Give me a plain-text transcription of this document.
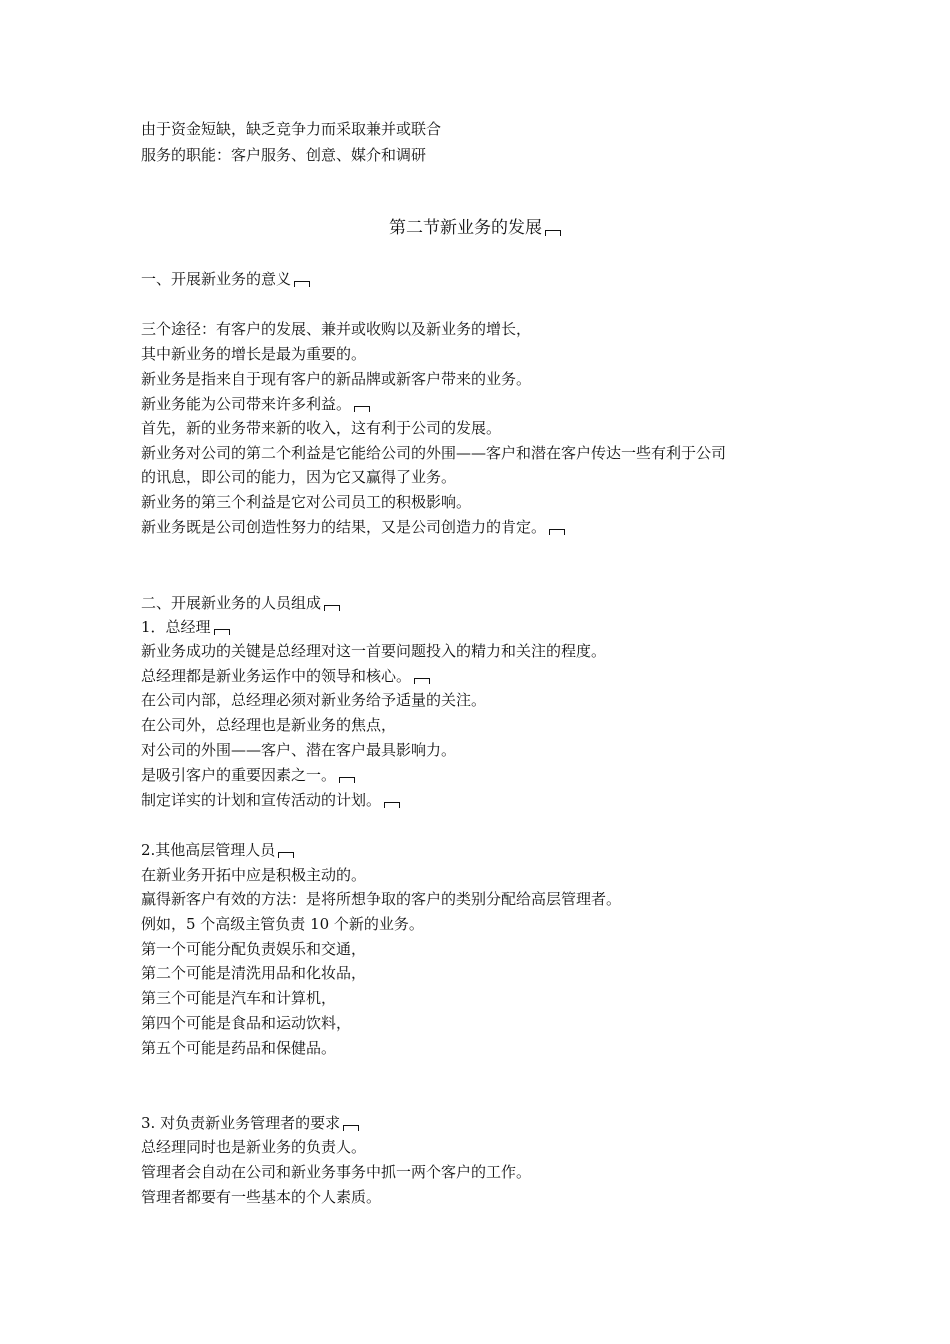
由于资金短缺，缺乏竞争力而采取兼并或联合
服务的职能：客户服务、创意、媒介和调研
第二节新业务的发展
一、开展新业务的意义
三个途径：有客户的发展、兼并或收购以及新业务的增长，
其中新业务的增长是最为重要的。
新业务是指来自于现有客户的新品牌或新客户带来的业务。
新业务能为公司带来许多利益。
首先，新的业务带来新的收入，这有利于公司的发展。
新业务对公司的第二个利益是它能给公司的外围——客户和潜在客户传达一些有利于公司
的讯息，即公司的能力，因为它又赢得了业务。
新业务的第三个利益是它对公司员工的积极影响。
新业务既是公司创造性努力的结果，又是公司创造力的肯定。
二、开展新业务的人员组成
1．总经理
新业务成功的关键是总经理对这一首要问题投入的精力和关注的程度。
总经理都是新业务运作中的领导和核心。
在公司内部，总经理必须对新业务给予适量的关注。
在公司外，总经理也是新业务的焦点，
对公司的外围——客户、潜在客户最具影响力。
是吸引客户的重要因素之一。
制定详实的计划和宣传活动的计划。
2.其他高层管理人员
在新业务开拓中应是积极主动的。
赢得新客户有效的方法：是将所想争取的客户的类别分配给高层管理者。
例如，5 个高级主管负责 10 个新的业务。
第一个可能分配负责娱乐和交通，
第二个可能是清洗用品和化妆品，
第三个可能是汽车和计算机，
第四个可能是食品和运动饮料，
第五个可能是药品和保健品。
3. 对负责新业务管理者的要求
总经理同时也是新业务的负责人。
管理者会自动在公司和新业务事务中抓一两个客户的工作。
管理者都要有一些基本的个人素质。
